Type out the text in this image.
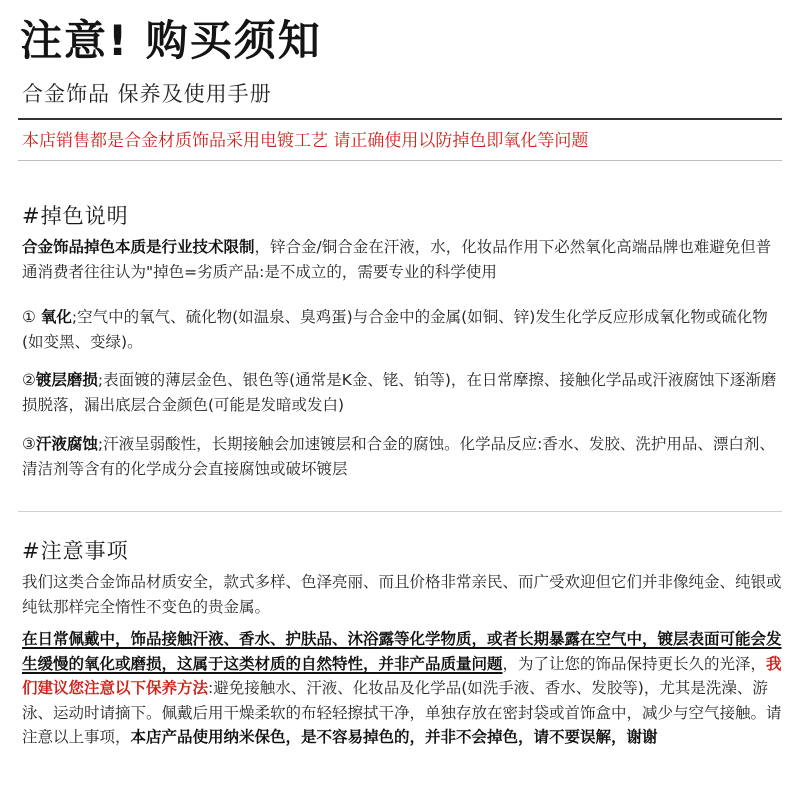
注意! 购买须知
合金饰品 保养及使用手册
本店销售都是合金材质饰品采用电镀工艺 请正确使用以防掉色即氧化等问题
#掉色说明
合金饰品掉色本质是行业技术限制，锌合金/铜合金在汗液，水，化妆品作用下必然氧化高端品牌也难避免但普通消费者往往认为"掉色=劣质产品:是不成立的，需要专业的科学使用
① 氧化;空气中的氧气、硫化物(如温泉、臭鸡蛋)与合金中的金属(如铜、锌)发生化学反应形成氧化物或硫化物(如变黑、变绿)。
②镀层磨损;表面镀的薄层金色、银色等(通常是K金、铑、铂等)，在日常摩擦、接触化学品或汗液腐蚀下逐渐磨损脱落，漏出底层合金颜色(可能是发暗或发白)
③汗液腐蚀;汗液呈弱酸性，长期接触会加速镀层和合金的腐蚀。化学品反应:香水、发胶、洗护用品、漂白剂、清洁剂等含有的化学成分会直接腐蚀或破坏镀层
#注意事项
我们这类合金饰品材质安全，款式多样、色泽亮丽、而且价格非常亲民、而广受欢迎但它们并非像纯金、纯银或纯钛那样完全惰性不变色的贵金属。
在日常佩戴中，饰品接触汗液、香水、护肤品、沐浴露等化学物质，或者长期暴露在空气中，镀层表面可能会发生缓慢的氧化或磨损，这属于这类材质的自然特性，并非产品质量问题，为了让您的饰品保持更长久的光泽，我们建议您注意以下保养方法:避免接触水、汗液、化妆品及化学品(如洗手液、香水、发胶等)，尤其是洗澡、游泳、运动时请摘下。佩戴后用干燥柔软的布轻轻擦拭干净，单独存放在密封袋或首饰盒中，减少与空气接触。请注意以上事项，本店产品使用纳米保色，是不容易掉色的，并非不会掉色，请不要误解，谢谢
